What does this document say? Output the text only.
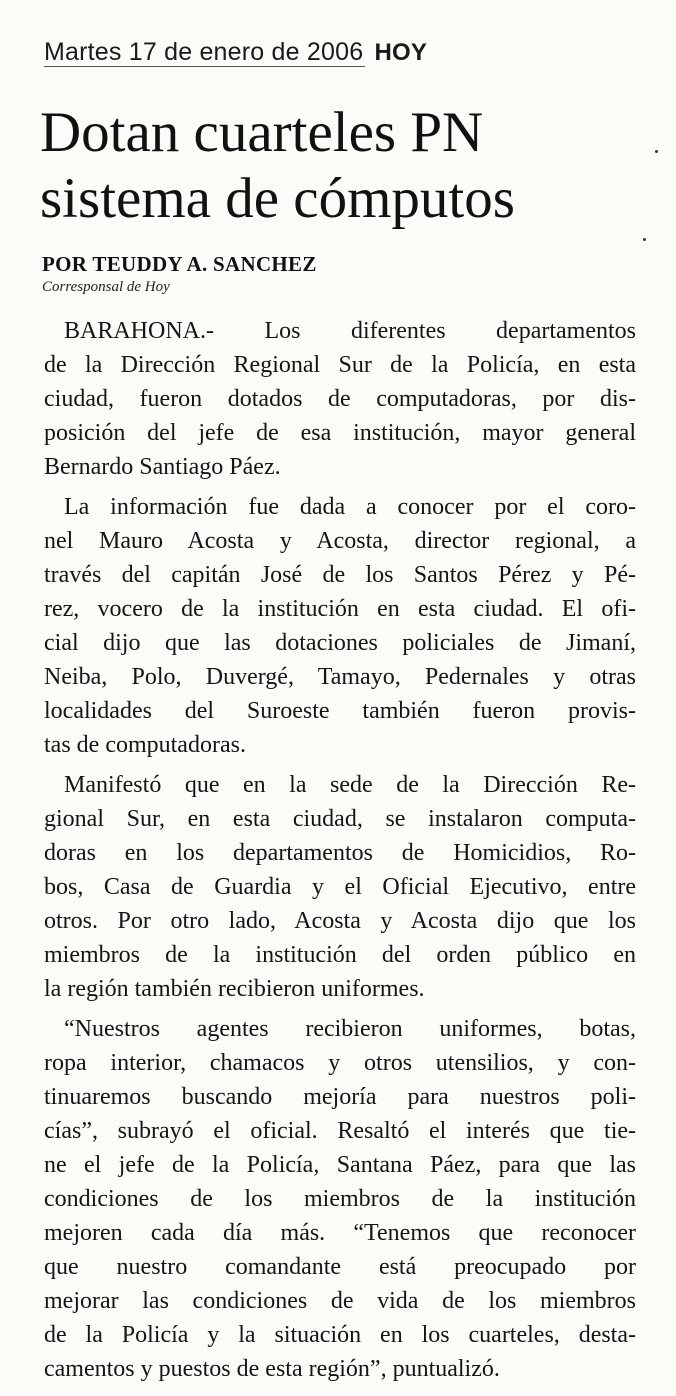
Martes 17 de enero de 2006 HOY
Dotan cuarteles PN
sistema de cómputos
POR TEUDDY A. SANCHEZ
Corresponsal de Hoy
BARAHONA.- Los diferentes departamentos
de la Dirección Regional Sur de la Policía, en esta
ciudad, fueron dotados de computadoras, por dis-
posición del jefe de esa institución, mayor general
Bernardo Santiago Páez.
La información fue dada a conocer por el coro-
nel Mauro Acosta y Acosta, director regional, a
través del capitán José de los Santos Pérez y Pé-
rez, vocero de la institución en esta ciudad. El ofi-
cial dijo que las dotaciones policiales de Jimaní,
Neiba, Polo, Duvergé, Tamayo, Pedernales y otras
localidades del Suroeste también fueron provis-
tas de computadoras.
Manifestó que en la sede de la Dirección Re-
gional Sur, en esta ciudad, se instalaron computa-
doras en los departamentos de Homicidios, Ro-
bos, Casa de Guardia y el Oficial Ejecutivo, entre
otros. Por otro lado, Acosta y Acosta dijo que los
miembros de la institución del orden público en
la región también recibieron uniformes.
“Nuestros agentes recibieron uniformes, botas,
ropa interior, chamacos y otros utensilios, y con-
tinuaremos buscando mejoría para nuestros poli-
cías”, subrayó el oficial. Resaltó el interés que tie-
ne el jefe de la Policía, Santana Páez, para que las
condiciones de los miembros de la institución
mejoren cada día más. “Tenemos que reconocer
que nuestro comandante está preocupado por
mejorar las condiciones de vida de los miembros
de la Policía y la situación en los cuarteles, desta-
camentos y puestos de esta región”, puntualizó.
